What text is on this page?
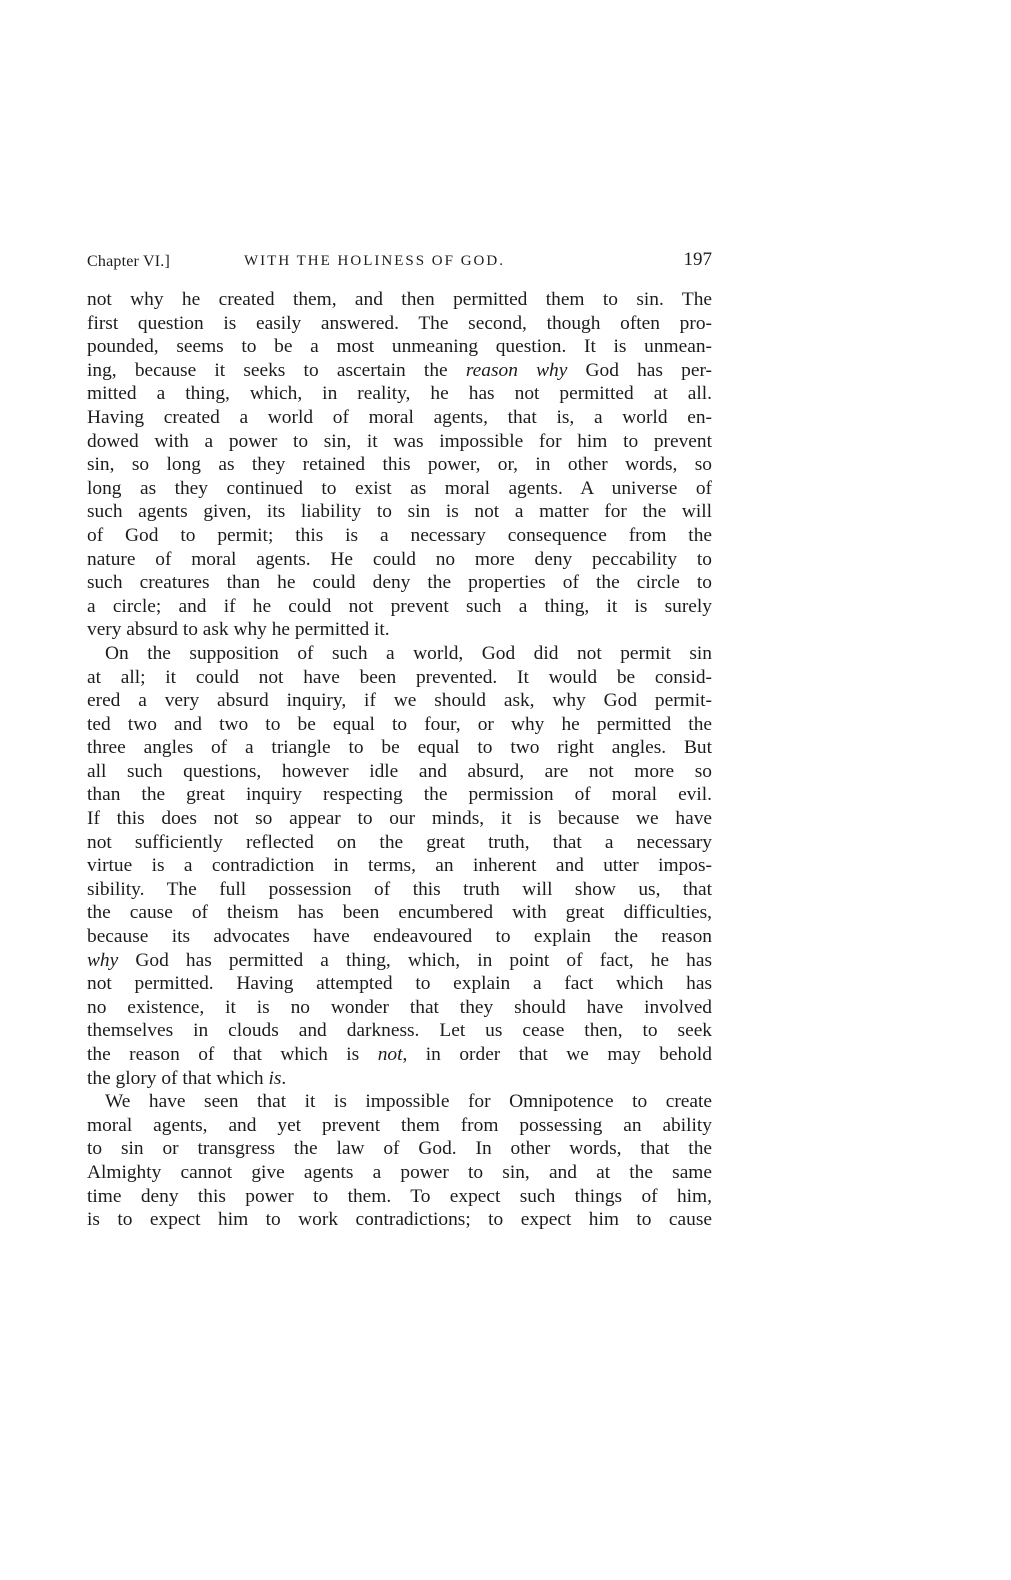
Chapter VI.]	WITH THE HOLINESS OF GOD.	197
not why he created them, and then permitted them to sin. The
first question is easily answered. The second, though often pro-
pounded, seems to be a most unmeaning question. It is unmean-
ing, because it seeks to ascertain the reason why God has per-
mitted a thing, which, in reality, he has not permitted at all.
Having created a world of moral agents, that is, a world en-
dowed with a power to sin, it was impossible for him to prevent
sin, so long as they retained this power, or, in other words, so
long as they continued to exist as moral agents. A universe of
such agents given, its liability to sin is not a matter for the will
of God to permit; this is a necessary consequence from the
nature of moral agents. He could no more deny peccability to
such creatures than he could deny the properties of the circle to
a circle; and if he could not prevent such a thing, it is surely
very absurd to ask why he permitted it.
On the supposition of such a world, God did not permit sin
at all; it could not have been prevented. It would be consid-
ered a very absurd inquiry, if we should ask, why God permit-
ted two and two to be equal to four, or why he permitted the
three angles of a triangle to be equal to two right angles. But
all such questions, however idle and absurd, are not more so
than the great inquiry respecting the permission of moral evil.
If this does not so appear to our minds, it is because we have
not sufficiently reflected on the great truth, that a necessary
virtue is a contradiction in terms, an inherent and utter impos-
sibility. The full possession of this truth will show us, that
the cause of theism has been encumbered with great difficulties,
because its advocates have endeavoured to explain the reason
why God has permitted a thing, which, in point of fact, he has
not permitted. Having attempted to explain a fact which has
no existence, it is no wonder that they should have involved
themselves in clouds and darkness. Let us cease then, to seek
the reason of that which is not, in order that we may behold
the glory of that which is.
We have seen that it is impossible for Omnipotence to create
moral agents, and yet prevent them from possessing an ability
to sin or transgress the law of God. In other words, that the
Almighty cannot give agents a power to sin, and at the same
time deny this power to them. To expect such things of him,
is to expect him to work contradictions; to expect him to cause
